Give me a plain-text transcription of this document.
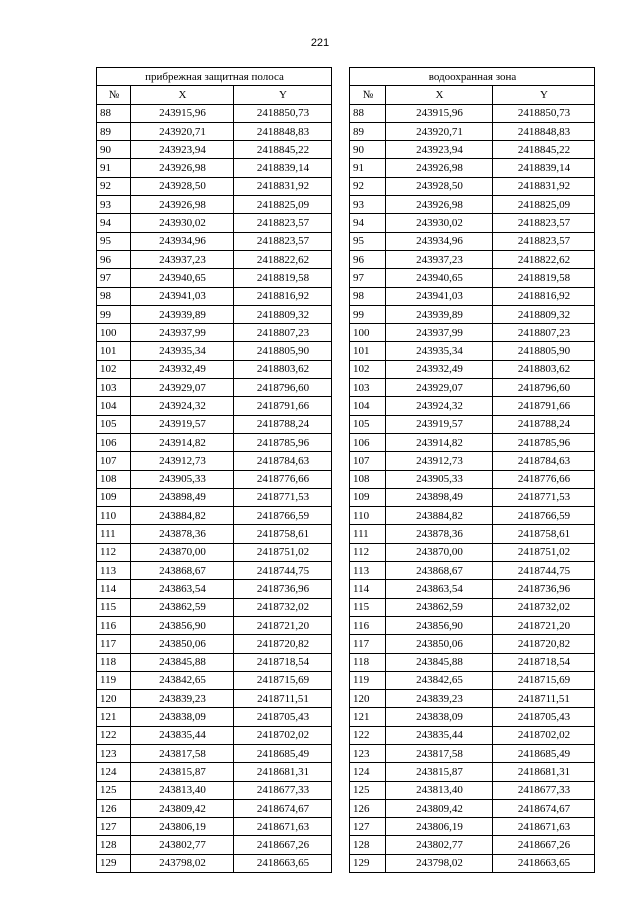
221
прибрежная защитная полоса		
№	X	Y
88	243915,96	2418850,73
89	243920,71	2418848,83
90	243923,94	2418845,22
91	243926,98	2418839,14
92	243928,50	2418831,92
93	243926,98	2418825,09
94	243930,02	2418823,57
95	243934,96	2418823,57
96	243937,23	2418822,62
97	243940,65	2418819,58
98	243941,03	2418816,92
99	243939,89	2418809,32
100	243937,99	2418807,23
101	243935,34	2418805,90
102	243932,49	2418803,62
103	243929,07	2418796,60
104	243924,32	2418791,66
105	243919,57	2418788,24
106	243914,82	2418785,96
107	243912,73	2418784,63
108	243905,33	2418776,66
109	243898,49	2418771,53
110	243884,82	2418766,59
111	243878,36	2418758,61
112	243870,00	2418751,02
113	243868,67	2418744,75
114	243863,54	2418736,96
115	243862,59	2418732,02
116	243856,90	2418721,20
117	243850,06	2418720,82
118	243845,88	2418718,54
119	243842,65	2418715,69
120	243839,23	2418711,51
121	243838,09	2418705,43
122	243835,44	2418702,02
123	243817,58	2418685,49
124	243815,87	2418681,31
125	243813,40	2418677,33
126	243809,42	2418674,67
127	243806,19	2418671,63
128	243802,77	2418667,26
129	243798,02	2418663,65
водоохранная зона		
№	X	Y
88	243915,96	2418850,73
89	243920,71	2418848,83
90	243923,94	2418845,22
91	243926,98	2418839,14
92	243928,50	2418831,92
93	243926,98	2418825,09
94	243930,02	2418823,57
95	243934,96	2418823,57
96	243937,23	2418822,62
97	243940,65	2418819,58
98	243941,03	2418816,92
99	243939,89	2418809,32
100	243937,99	2418807,23
101	243935,34	2418805,90
102	243932,49	2418803,62
103	243929,07	2418796,60
104	243924,32	2418791,66
105	243919,57	2418788,24
106	243914,82	2418785,96
107	243912,73	2418784,63
108	243905,33	2418776,66
109	243898,49	2418771,53
110	243884,82	2418766,59
111	243878,36	2418758,61
112	243870,00	2418751,02
113	243868,67	2418744,75
114	243863,54	2418736,96
115	243862,59	2418732,02
116	243856,90	2418721,20
117	243850,06	2418720,82
118	243845,88	2418718,54
119	243842,65	2418715,69
120	243839,23	2418711,51
121	243838,09	2418705,43
122	243835,44	2418702,02
123	243817,58	2418685,49
124	243815,87	2418681,31
125	243813,40	2418677,33
126	243809,42	2418674,67
127	243806,19	2418671,63
128	243802,77	2418667,26
129	243798,02	2418663,65
